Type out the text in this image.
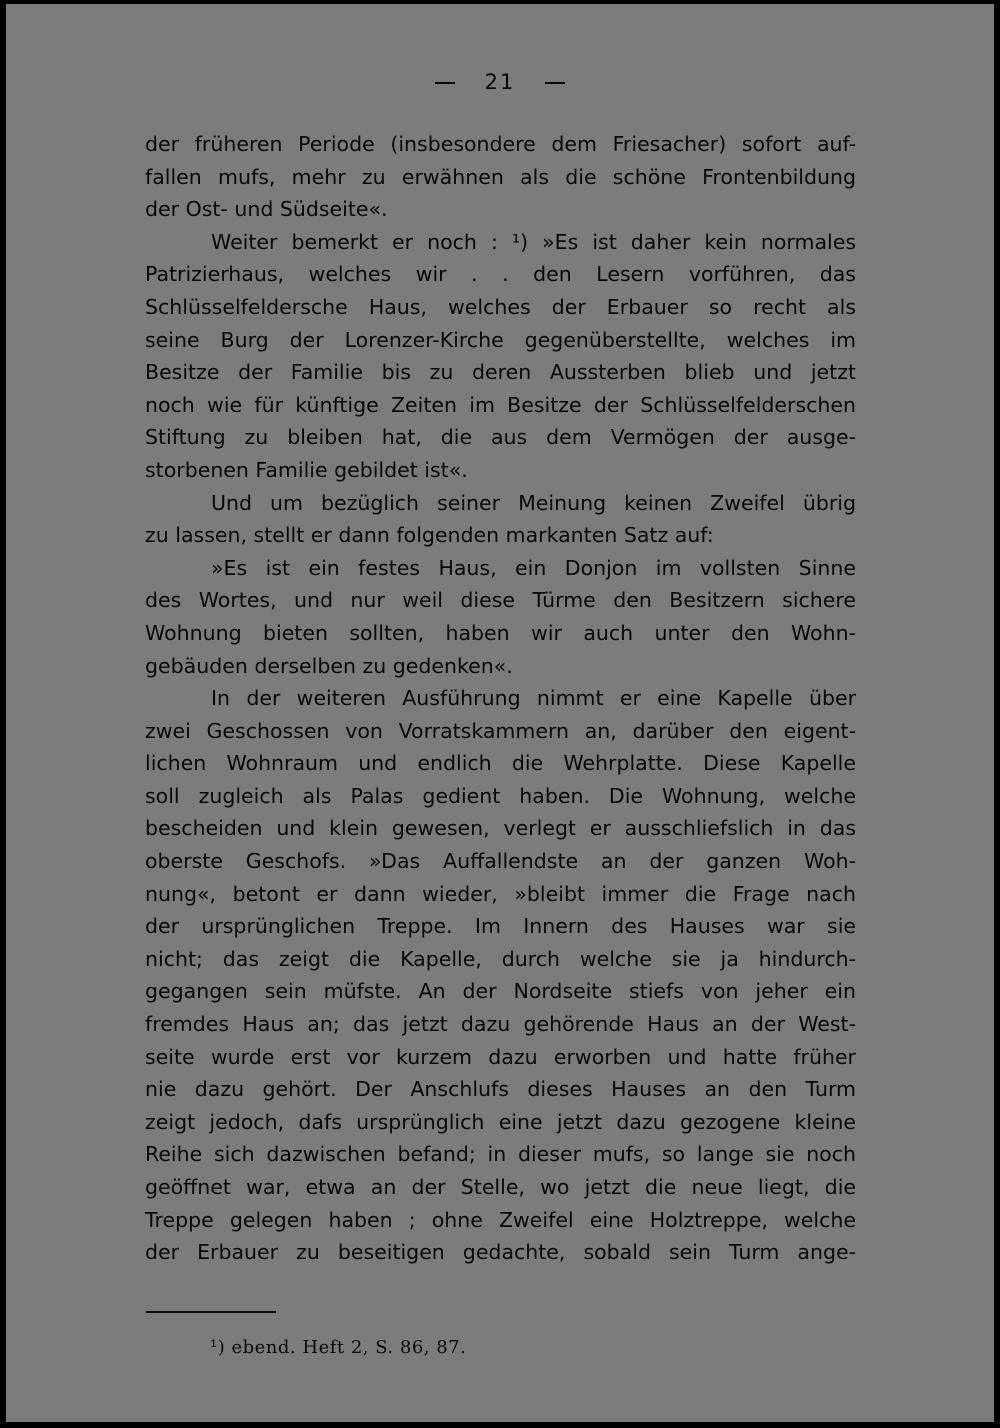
21
der früheren Periode (insbesondere dem Friesacher) sofort auf-
fallen mufs, mehr zu erwähnen als die schöne Frontenbildung
der Ost- und Südseite«.
Weiter bemerkt er noch : ¹) »Es ist daher kein normales
Patrizierhaus, welches wir . . den Lesern vorführen, das
Schlüsselfeldersche Haus, welches der Erbauer so recht als
seine Burg der Lorenzer-Kirche gegenüberstellte, welches im
Besitze der Familie bis zu deren Aussterben blieb und jetzt
noch wie für künftige Zeiten im Besitze der Schlüsselfelderschen
Stiftung zu bleiben hat, die aus dem Vermögen der ausge-
storbenen Familie gebildet ist«.
Und um bezüglich seiner Meinung keinen Zweifel übrig
zu lassen, stellt er dann folgenden markanten Satz auf:
»Es ist ein festes Haus, ein Donjon im vollsten Sinne
des Wortes, und nur weil diese Türme den Besitzern sichere
Wohnung bieten sollten, haben wir auch unter den Wohn-
gebäuden derselben zu gedenken«.
In der weiteren Ausführung nimmt er eine Kapelle über
zwei Geschossen von Vorratskammern an, darüber den eigent-
lichen Wohnraum und endlich die Wehrplatte. Diese Kapelle
soll zugleich als Palas gedient haben. Die Wohnung, welche
bescheiden und klein gewesen, verlegt er ausschliefslich in das
oberste Geschofs. »Das Auffallendste an der ganzen Woh-
nung«, betont er dann wieder, »bleibt immer die Frage nach
der ursprünglichen Treppe. Im Innern des Hauses war sie
nicht; das zeigt die Kapelle, durch welche sie ja hindurch-
gegangen sein müfste. An der Nordseite stiefs von jeher ein
fremdes Haus an; das jetzt dazu gehörende Haus an der West-
seite wurde erst vor kurzem dazu erworben und hatte früher
nie dazu gehört. Der Anschlufs dieses Hauses an den Turm
zeigt jedoch, dafs ursprünglich eine jetzt dazu gezogene kleine
Reihe sich dazwischen befand; in dieser mufs, so lange sie noch
geöffnet war, etwa an der Stelle, wo jetzt die neue liegt, die
Treppe gelegen haben ; ohne Zweifel eine Holztreppe, welche
der Erbauer zu beseitigen gedachte, sobald sein Turm ange-
¹) ebend. Heft 2, S. 86, 87.
